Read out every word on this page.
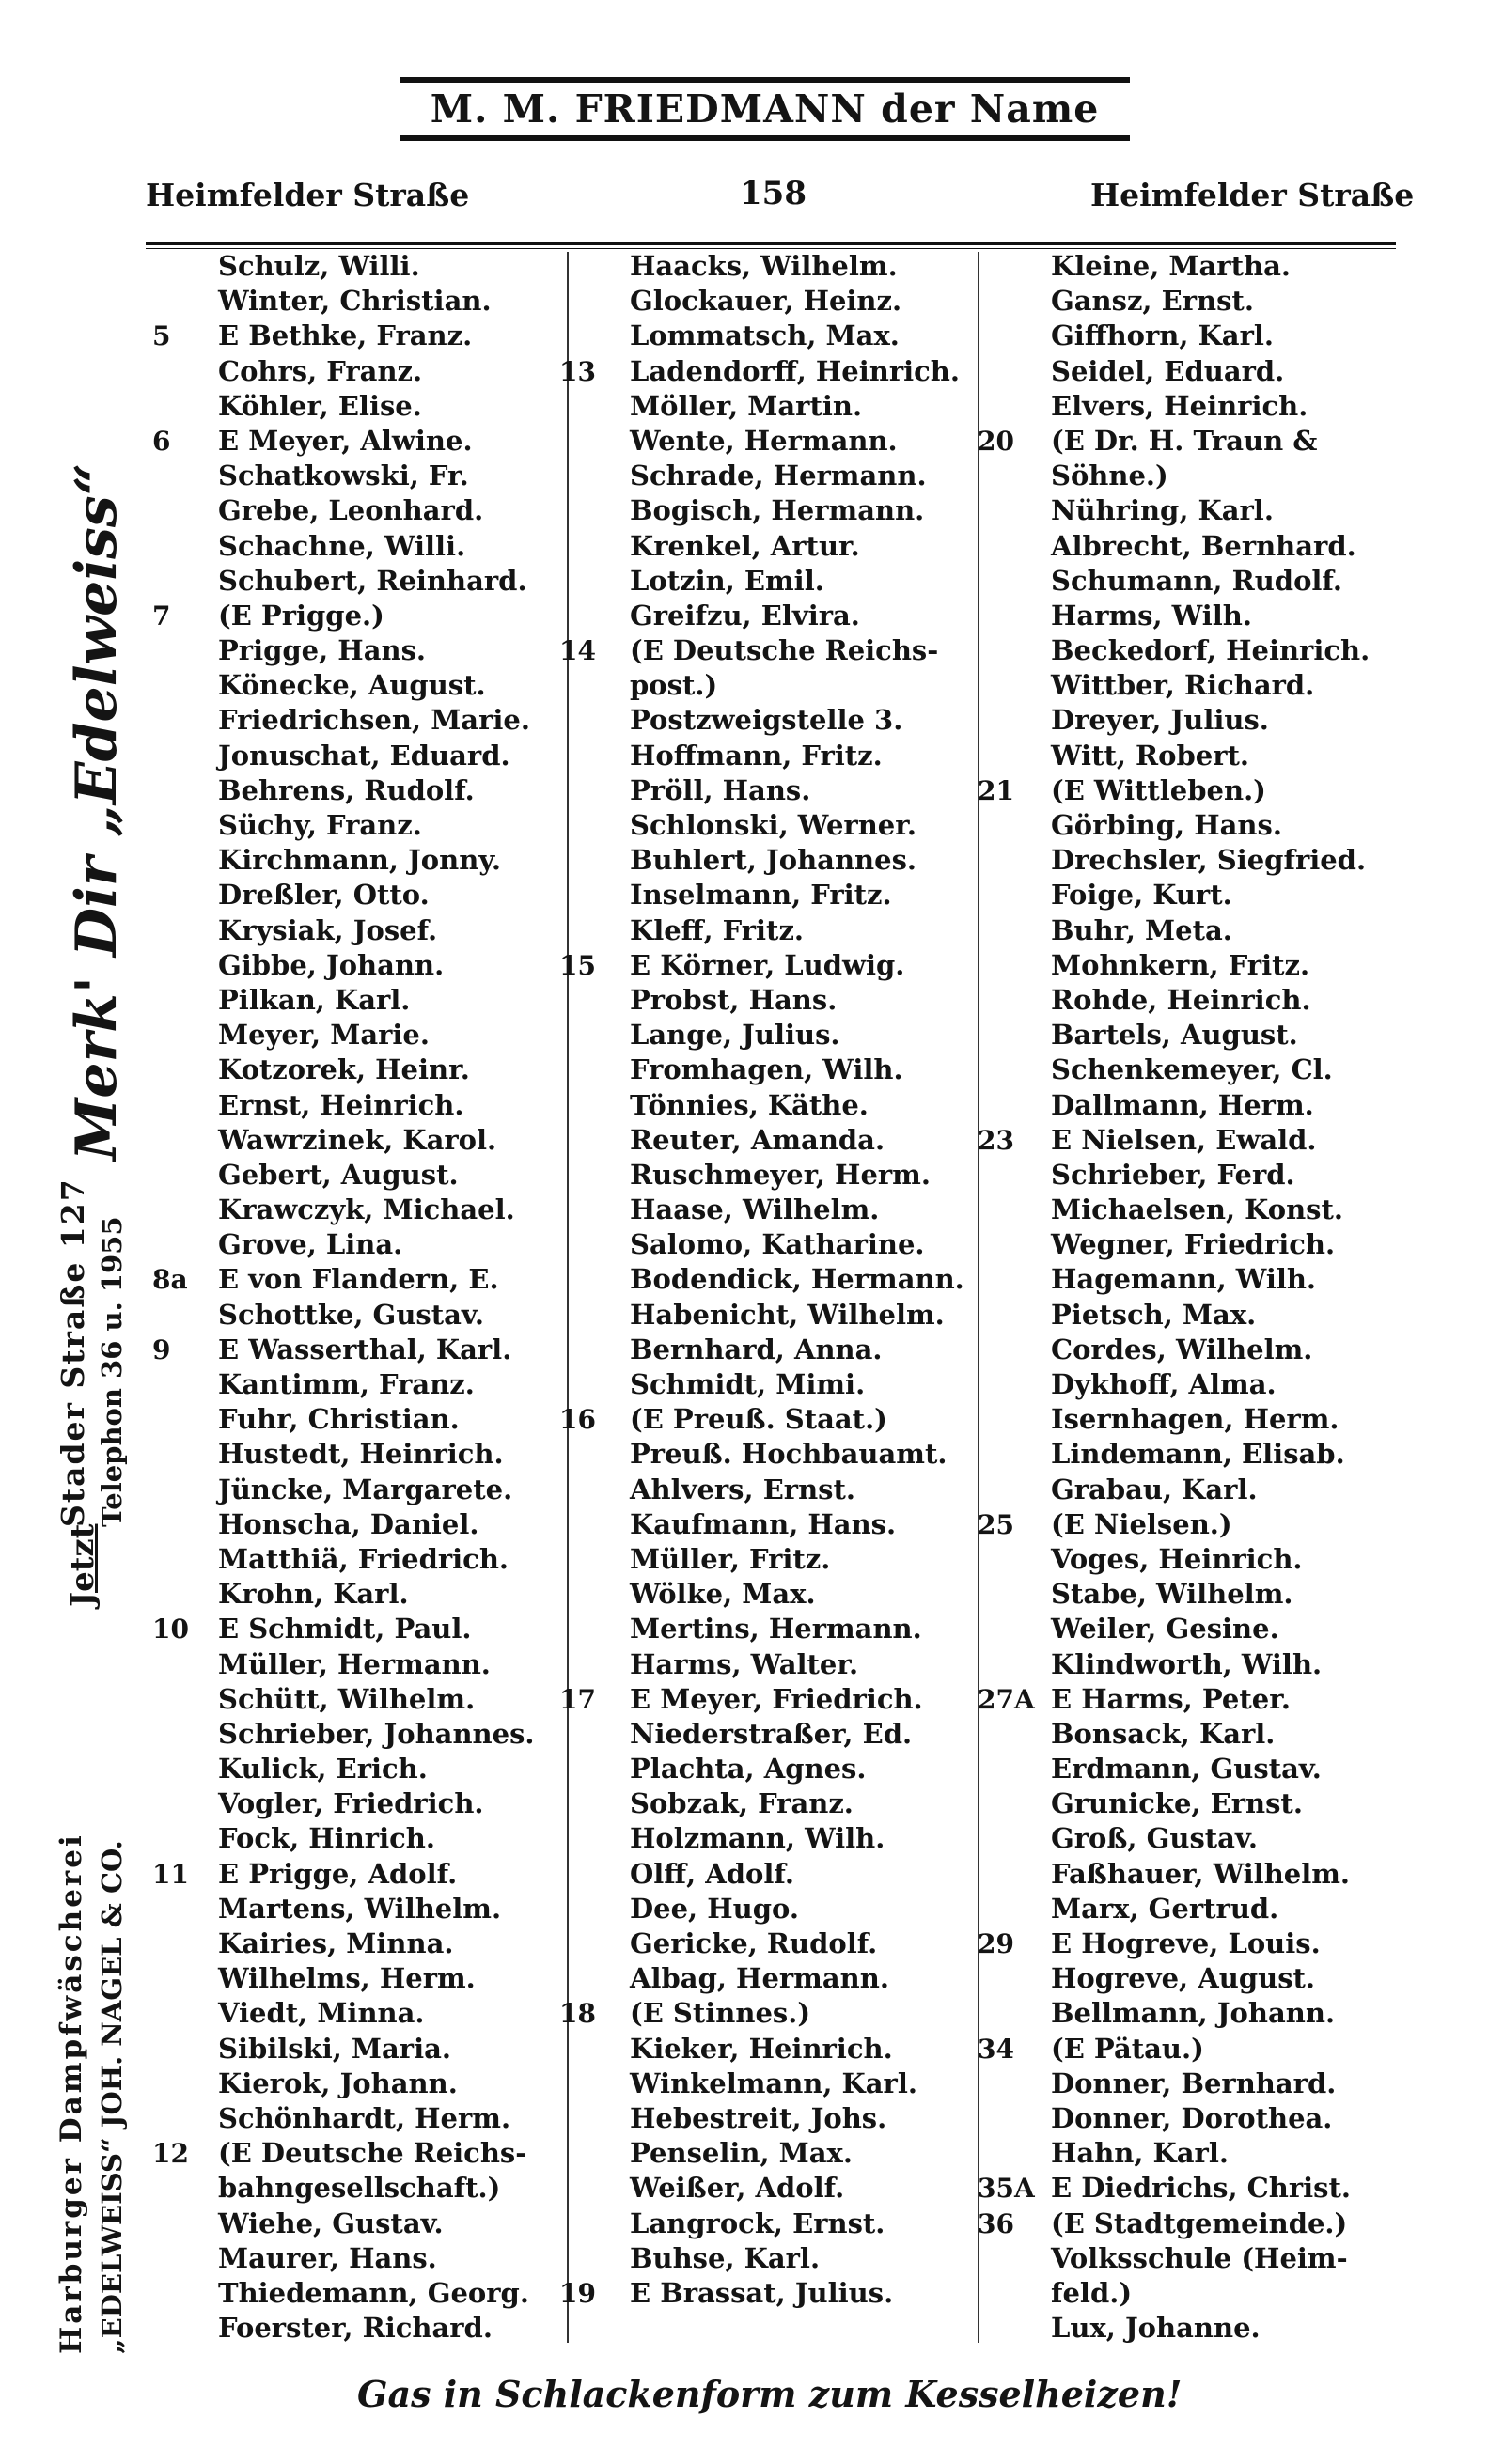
M. M. FRIEDMANN der Name
Heimfelder Straße	158	Heimfelder Straße
Merk' Dir „Edelweiss“
Stader Straße 127 Telephon 36 u. 1955
Jetzt
Harburger Dampfwäscherei „EDELWEISS“ JOH. NAGEL & CO.
Schulz, Willi.
Winter, Christian.
5 E Bethke, Franz.
Cohrs, Franz.
Köhler, Elise.
6 E Meyer, Alwine.
Schatkowski, Fr.
Grebe, Leonhard.
Schachne, Willi.
Schubert, Reinhard.
7 (E Prigge.)
Prigge, Hans.
Könecke, August.
Friedrichsen, Marie.
Jonuschat, Eduard.
Behrens, Rudolf.
Süchy, Franz.
Kirchmann, Jonny.
Dreßler, Otto.
Krysiak, Josef.
Gibbe, Johann.
Pilkan, Karl.
Meyer, Marie.
Kotzorek, Heinr.
Ernst, Heinrich.
Wawrzinek, Karol.
Gebert, August.
Krawczyk, Michael.
Grove, Lina.
8a E von Flandern, E.
Schottke, Gustav.
9 E Wasserthal, Karl.
Kantimm, Franz.
Fuhr, Christian.
Hustedt, Heinrich.
Jüncke, Margarete.
Honscha, Daniel.
Matthiä, Friedrich.
Krohn, Karl.
10 E Schmidt, Paul.
Müller, Hermann.
Schütt, Wilhelm.
Schrieber, Johannes.
Kulick, Erich.
Vogler, Friedrich.
Fock, Hinrich.
11 E Prigge, Adolf.
Martens, Wilhelm.
Kairies, Minna.
Wilhelms, Herm.
Viedt, Minna.
Sibilski, Maria.
Kierok, Johann.
Schönhardt, Herm.
12 (E Deutsche Reichs-
bahngesellschaft.)
Wiehe, Gustav.
Maurer, Hans.
Thiedemann, Georg.
Foerster, Richard.
Haacks, Wilhelm.
Glockauer, Heinz.
Lommatsch, Max.
13 Ladendorff, Heinrich.
Möller, Martin.
Wente, Hermann.
Schrade, Hermann.
Bogisch, Hermann.
Krenkel, Artur.
Lotzin, Emil.
Greifzu, Elvira.
14 (E Deutsche Reichs-
post.)
Postzweigstelle 3.
Hoffmann, Fritz.
Pröll, Hans.
Schlonski, Werner.
Buhlert, Johannes.
Inselmann, Fritz.
Kleff, Fritz.
15 E Körner, Ludwig.
Probst, Hans.
Lange, Julius.
Fromhagen, Wilh.
Tönnies, Käthe.
Reuter, Amanda.
Ruschmeyer, Herm.
Haase, Wilhelm.
Salomo, Katharine.
Bodendick, Hermann.
Habenicht, Wilhelm.
Bernhard, Anna.
Schmidt, Mimi.
16 (E Preuß. Staat.)
Preuß. Hochbauamt.
Ahlvers, Ernst.
Kaufmann, Hans.
Müller, Fritz.
Wölke, Max.
Mertins, Hermann.
Harms, Walter.
17 E Meyer, Friedrich.
Niederstraßer, Ed.
Plachta, Agnes.
Sobzak, Franz.
Holzmann, Wilh.
Olff, Adolf.
Dee, Hugo.
Gericke, Rudolf.
Albag, Hermann.
18 (E Stinnes.)
Kieker, Heinrich.
Winkelmann, Karl.
Hebestreit, Johs.
Penselin, Max.
Weißer, Adolf.
Langrock, Ernst.
Buhse, Karl.
19 E Brassat, Julius.
Kleine, Martha.
Gansz, Ernst.
Giffhorn, Karl.
Seidel, Eduard.
Elvers, Heinrich.
20 (E Dr. H. Traun &
Söhne.)
Nühring, Karl.
Albrecht, Bernhard.
Schumann, Rudolf.
Harms, Wilh.
Beckedorf, Heinrich.
Wittber, Richard.
Dreyer, Julius.
Witt, Robert.
21 (E Wittleben.)
Görbing, Hans.
Drechsler, Siegfried.
Foige, Kurt.
Buhr, Meta.
Mohnkern, Fritz.
Rohde, Heinrich.
Bartels, August.
Schenkemeyer, Cl.
Dallmann, Herm.
23 E Nielsen, Ewald.
Schrieber, Ferd.
Michaelsen, Konst.
Wegner, Friedrich.
Hagemann, Wilh.
Pietsch, Max.
Cordes, Wilhelm.
Dykhoff, Alma.
Isernhagen, Herm.
Lindemann, Elisab.
Grabau, Karl.
25 (E Nielsen.)
Voges, Heinrich.
Stabe, Wilhelm.
Weiler, Gesine.
Klindworth, Wilh.
27A E Harms, Peter.
Bonsack, Karl.
Erdmann, Gustav.
Grunicke, Ernst.
Groß, Gustav.
Faßhauer, Wilhelm.
Marx, Gertrud.
29 E Hogreve, Louis.
Hogreve, August.
Bellmann, Johann.
34 (E Pätau.)
Donner, Bernhard.
Donner, Dorothea.
Hahn, Karl.
35A E Diedrichs, Christ.
36 (E Stadtgemeinde.)
Volksschule (Heim-
feld.)
Lux, Johanne.
Gas in Schlackenform zum Kesselheizen!
